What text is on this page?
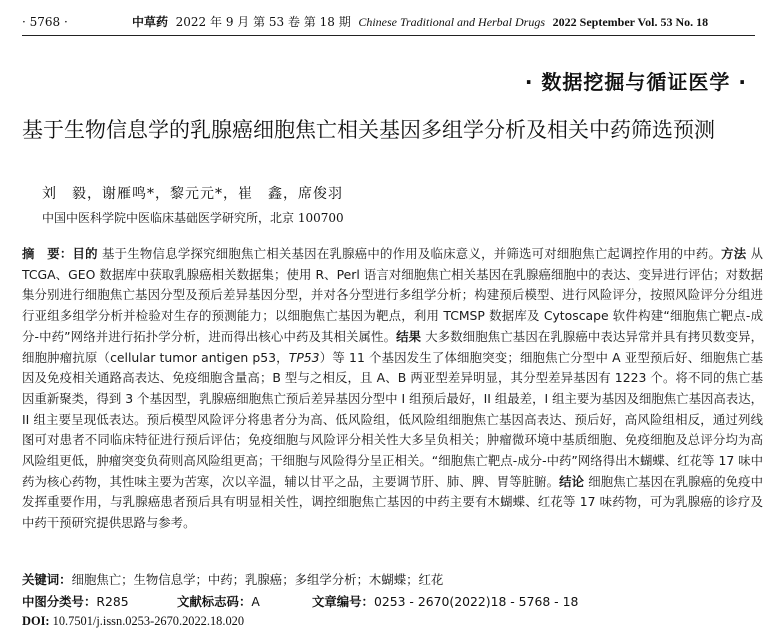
· 5768 ·	中草药 2022 年 9 月 第 53 卷 第 18 期 Chinese Traditional and Herbal Drugs 2022 September Vol. 53 No. 18
· 数据挖掘与循证医学 ·
基于生物信息学的乳腺癌细胞焦亡相关基因多组学分析及相关中药筛选预测
刘　毅，谢雁鸣*，黎元元*，崔　鑫，席俊羽
中国中医科学院中医临床基础医学研究所，北京 100700
摘　要：目的 基于生物信息学探究细胞焦亡相关基因在乳腺癌中的作用及临床意义，并筛选可对细胞焦亡起调控作用的中药。方法 从 TCGA、GEO 数据库中获取乳腺癌相关数据集；使用 R、Perl 语言对细胞焦亡相关基因在乳腺癌细胞中的表达、变异进行评估；对数据集分别进行细胞焦亡基因分型及预后差异基因分型，并对各分型进行多组学分析；构建预后模型、进行风险评分，按照风险评分分组进行亚组多组学分析并检验对生存的预测能力；以细胞焦亡基因为靶点，利用 TCMSP 数据库及 Cytoscape 软件构建“细胞焦亡靶点-成分-中药”网络并进行拓扑学分析，进而得出核心中药及其相关属性。结果 大多数细胞焦亡基因在乳腺癌中表达异常并具有拷贝数变异，细胞肿瘤抗原（cellular tumor antigen p53，TP53）等 11 个基因发生了体细胞突变；细胞焦亡分型中 A 亚型预后好、细胞焦亡基因及免疫相关通路高表达、免疫细胞含量高；B 型与之相反，且 A、B 两亚型差异明显，其分型差异基因有 1223 个。将不同的焦亡基因重新聚类，得到 3 个基因型，乳腺癌细胞焦亡预后差异基因分型中 I 组预后最好，II 组最差，I 组主要为基因及细胞焦亡基因高表达，II 组主要呈现低表达。预后模型风险评分将患者分为高、低风险组，低风险组细胞焦亡基因高表达、预后好，高风险组相反，通过列线图可对患者不同临床特征进行预后评估；免疫细胞与风险评分相关性大多呈负相关；肿瘤微环境中基质细胞、免疫细胞及总评分均为高风险组更低，肿瘤突变负荷则高风险组更高；干细胞与风险得分呈正相关。“细胞焦亡靶点-成分-中药”网络得出木蝴蝶、红花等 17 味中药为核心药物，其性味主要为苦寒，次以辛温，辅以甘平之品，主要调节肝、肺、脾、胃等脏腑。结论 细胞焦亡基因在乳腺癌的免疫中发挥重要作用，与乳腺癌患者预后具有明显相关性，调控细胞焦亡基因的中药主要有木蝴蝶、红花等 17 味药物，可为乳腺癌的诊疗及中药干预研究提供思路与参考。
关键词：细胞焦亡；生物信息学；中药；乳腺癌；多组学分析；木蝴蝶；红花
中图分类号：R285	文献标志码：A	文章编号：0253 - 2670(2022)18 - 5768 - 18
DOI: 10.7501/j.issn.0253-2670.2022.18.020
